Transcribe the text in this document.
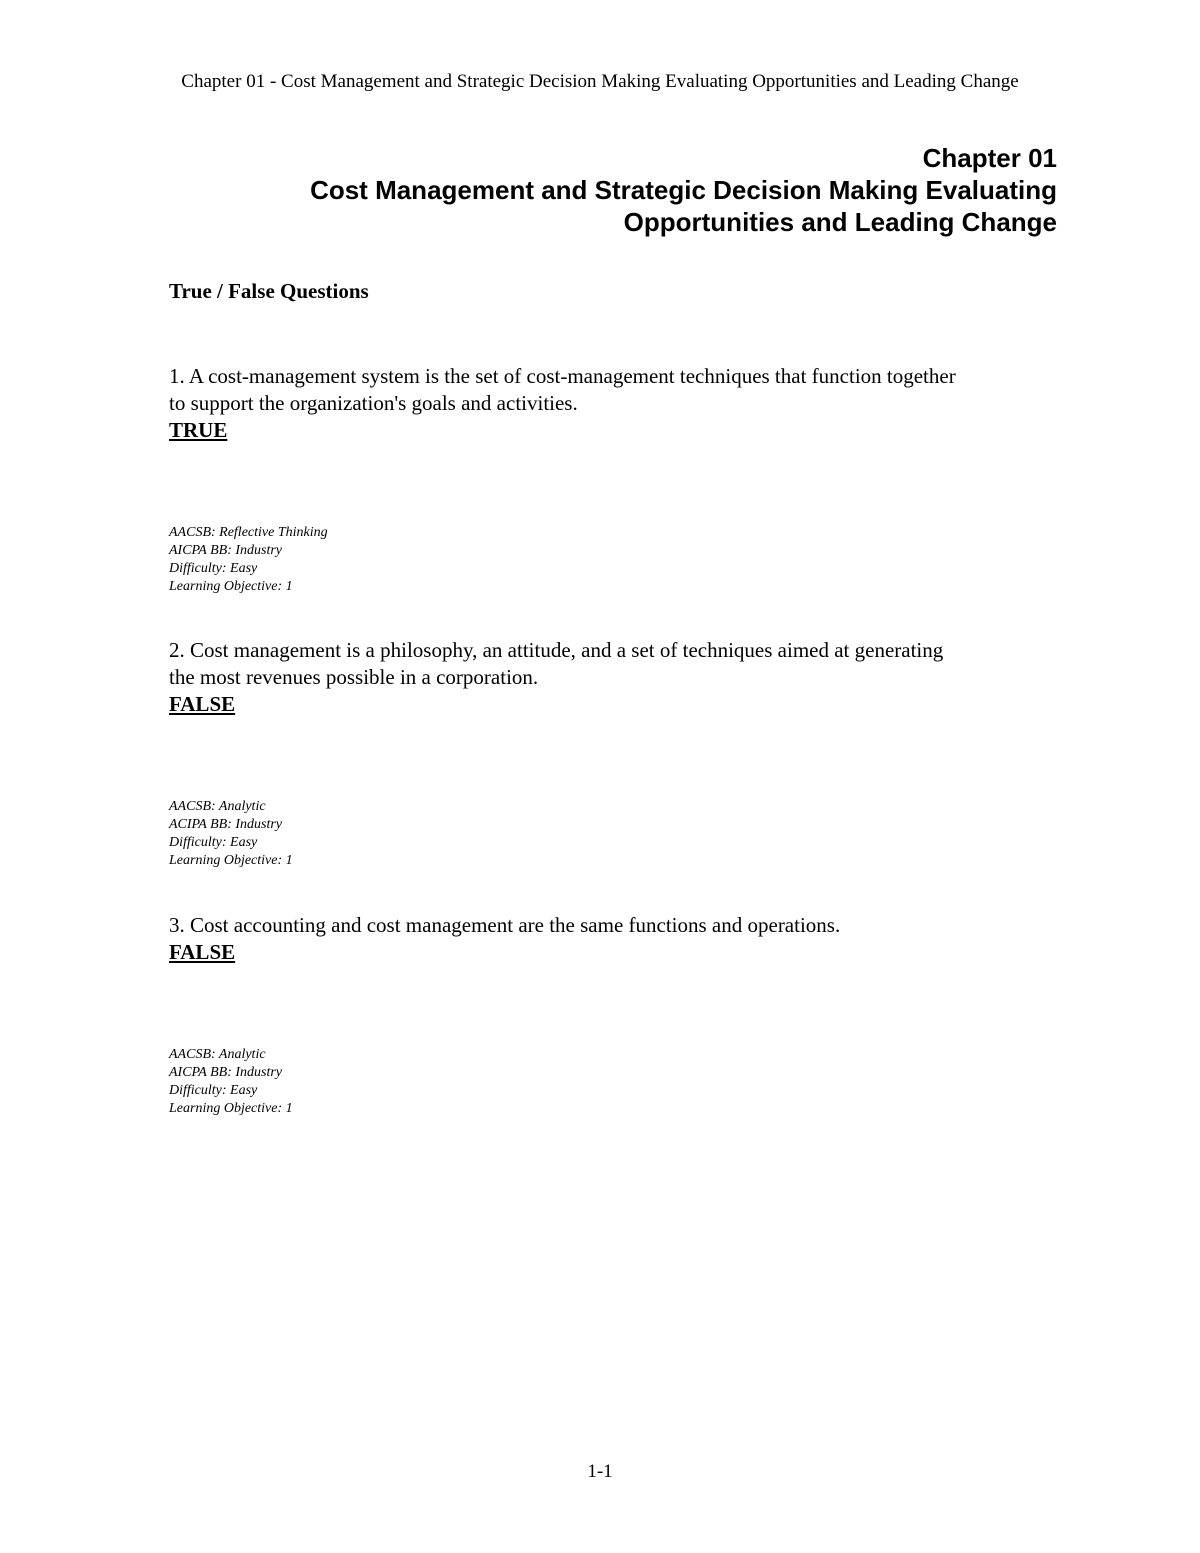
Chapter 01 - Cost Management and Strategic Decision Making Evaluating Opportunities and Leading Change
Chapter 01
Cost Management and Strategic Decision Making Evaluating
Opportunities and Leading Change
True / False Questions

1. A cost-management system is the set of cost-management techniques that function together
to support the organization's goals and activities.

TRUE

AACSB: Reflective Thinking
AICPA BB: Industry
Difficulty: Easy
Learning Objective: 1

2. Cost management is a philosophy, an attitude, and a set of techniques aimed at generating
the most revenues possible in a corporation.

FALSE

AACSB: Analytic
ACIPA BB: Industry
Difficulty: Easy
Learning Objective: 1

3. Cost accounting and cost management are the same functions and operations.

FALSE

AACSB: Analytic
AICPA BB: Industry
Difficulty: Easy
Learning Objective: 1
1-1
